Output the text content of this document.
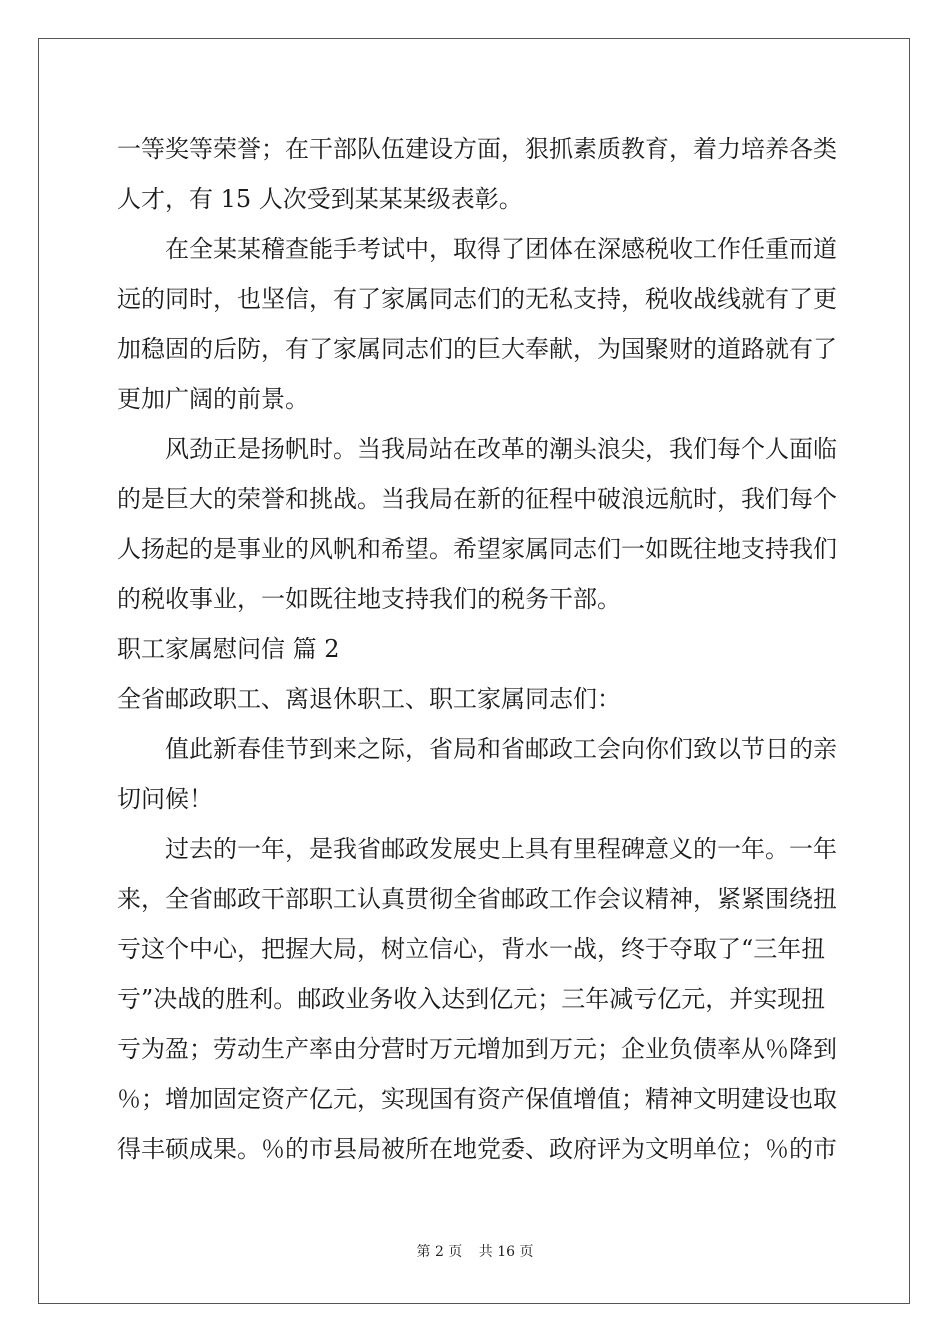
一等奖等荣誉；在干部队伍建设方面，狠抓素质教育，着力培养各类
人才，有 15 人次受到某某某级表彰。
在全某某稽查能手考试中，取得了团体在深感税收工作任重而道
远的同时，也坚信，有了家属同志们的无私支持，税收战线就有了更
加稳固的后防，有了家属同志们的巨大奉献，为国聚财的道路就有了
更加广阔的前景。
风劲正是扬帆时。当我局站在改革的潮头浪尖，我们每个人面临
的是巨大的荣誉和挑战。当我局在新的征程中破浪远航时，我们每个
人扬起的是事业的风帆和希望。希望家属同志们一如既往地支持我们
的税收事业，一如既往地支持我们的税务干部。
职工家属慰问信 篇 2
全省邮政职工、离退休职工、职工家属同志们：
值此新春佳节到来之际，省局和省邮政工会向你们致以节日的亲
切问候！
过去的一年，是我省邮政发展史上具有里程碑意义的一年。一年
来，全省邮政干部职工认真贯彻全省邮政工作会议精神，紧紧围绕扭
亏这个中心，把握大局，树立信心，背水一战，终于夺取了“三年扭
亏”决战的胜利。邮政业务收入达到亿元；三年减亏亿元，并实现扭
亏为盈；劳动生产率由分营时万元增加到万元；企业负债率从％降到
％；增加固定资产亿元，实现国有资产保值增值；精神文明建设也取
得丰硕成果。％的市县局被所在地党委、政府评为文明单位；％的市
第 2 页 共 16 页
